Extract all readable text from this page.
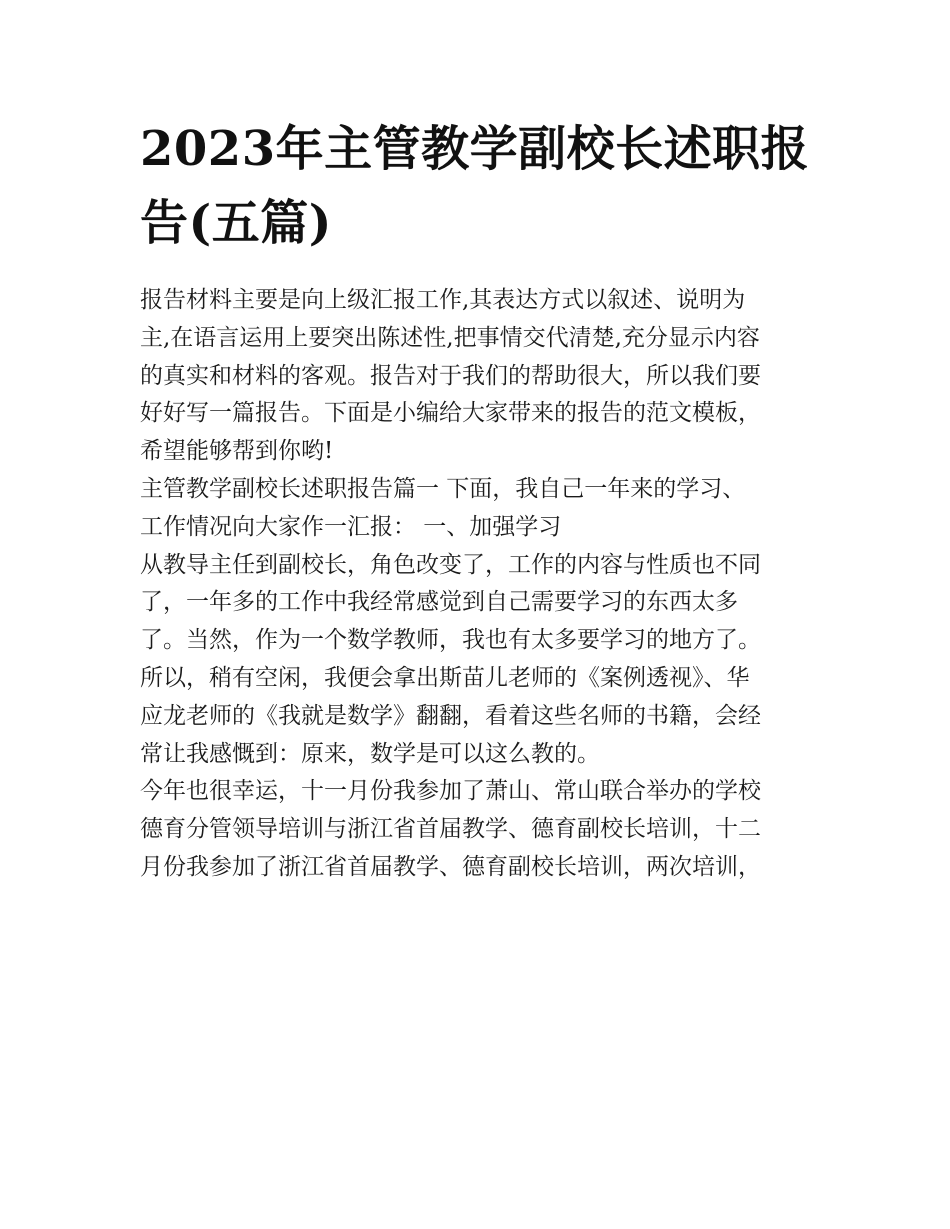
2023年主管教学副校长述职报
告(五篇)
报告材料主要是向上级汇报工作,其表达方式以叙述、说明为
主,在语言运用上要突出陈述性,把事情交代清楚,充分显示内容
的真实和材料的客观。报告对于我们的帮助很大，所以我们要
好好写一篇报告。下面是小编给大家带来的报告的范文模板，
希望能够帮到你哟!
主管教学副校长述职报告篇一 下面，我自己一年来的学习、
工作情况向大家作一汇报： 一、加强学习
从教导主任到副校长，角色改变了，工作的内容与性质也不同
了，一年多的工作中我经常感觉到自己需要学习的东西太多
了。当然，作为一个数学教师，我也有太多要学习的地方了。
所以，稍有空闲，我便会拿出斯苗儿老师的《案例透视》、华
应龙老师的《我就是数学》翻翻，看着这些名师的书籍，会经
常让我感慨到：原来，数学是可以这么教的。
今年也很幸运，十一月份我参加了萧山、常山联合举办的学校
德育分管领导培训与浙江省首届教学、德育副校长培训，十二
月份我参加了浙江省首届教学、德育副校长培训，两次培训，
